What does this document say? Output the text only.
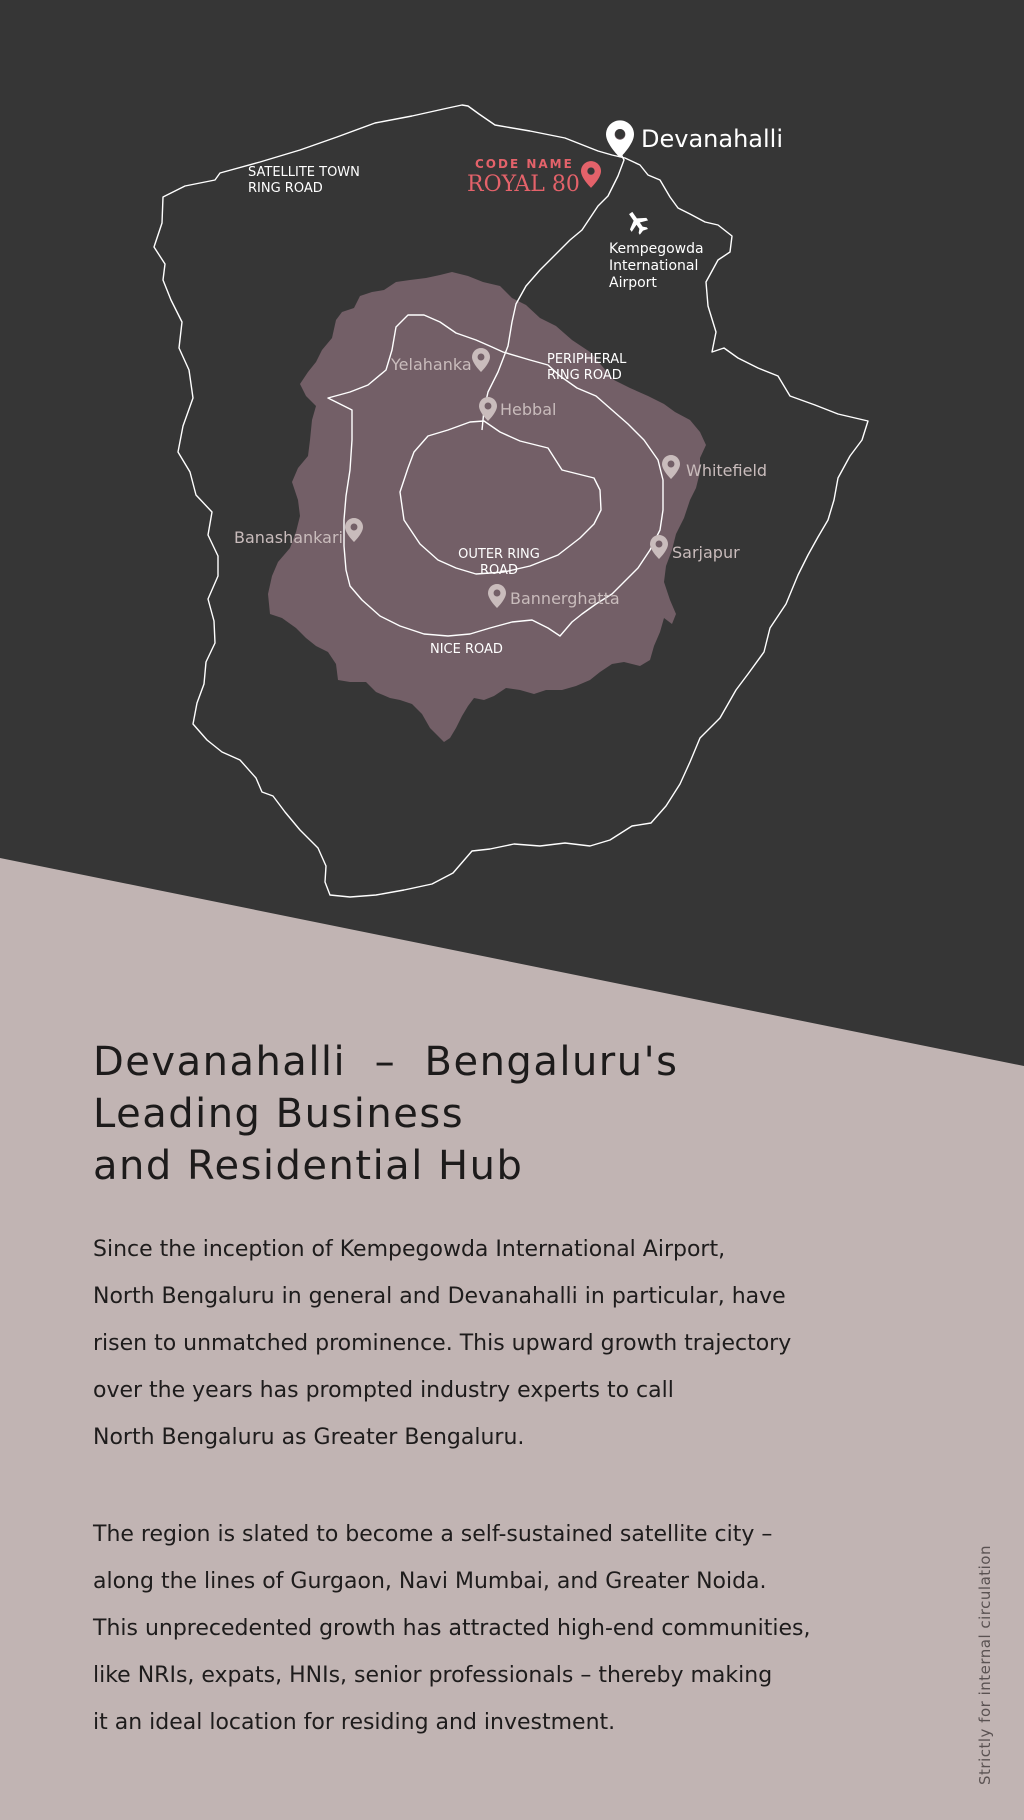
Devanahalli
CODE NAME
ROYAL 80
Kempegowda
International
Airport
SATELLITE TOWN
RING ROAD
PERIPHERAL
RING ROAD
OUTER RING
ROAD
NICE ROAD
Yelahanka
Hebbal
Whitefield
Banashankari
Sarjapur
Bannerghatta
Devanahalli  –  Bengaluru's
Leading Business
and Residential Hub

Since the inception of Kempegowda International Airport,
North Bengaluru in general and Devanahalli in particular, have
risen to unmatched prominence. This upward growth trajectory
over the years has prompted industry experts to call
North Bengaluru as Greater Bengaluru.

The region is slated to become a self-sustained satellite city –
along the lines of Gurgaon, Navi Mumbai, and Greater Noida.
This unprecedented growth has attracted high-end communities,
like NRIs, expats, HNIs, senior professionals – thereby making
it an ideal location for residing and investment.	Strictly for internal circulation
